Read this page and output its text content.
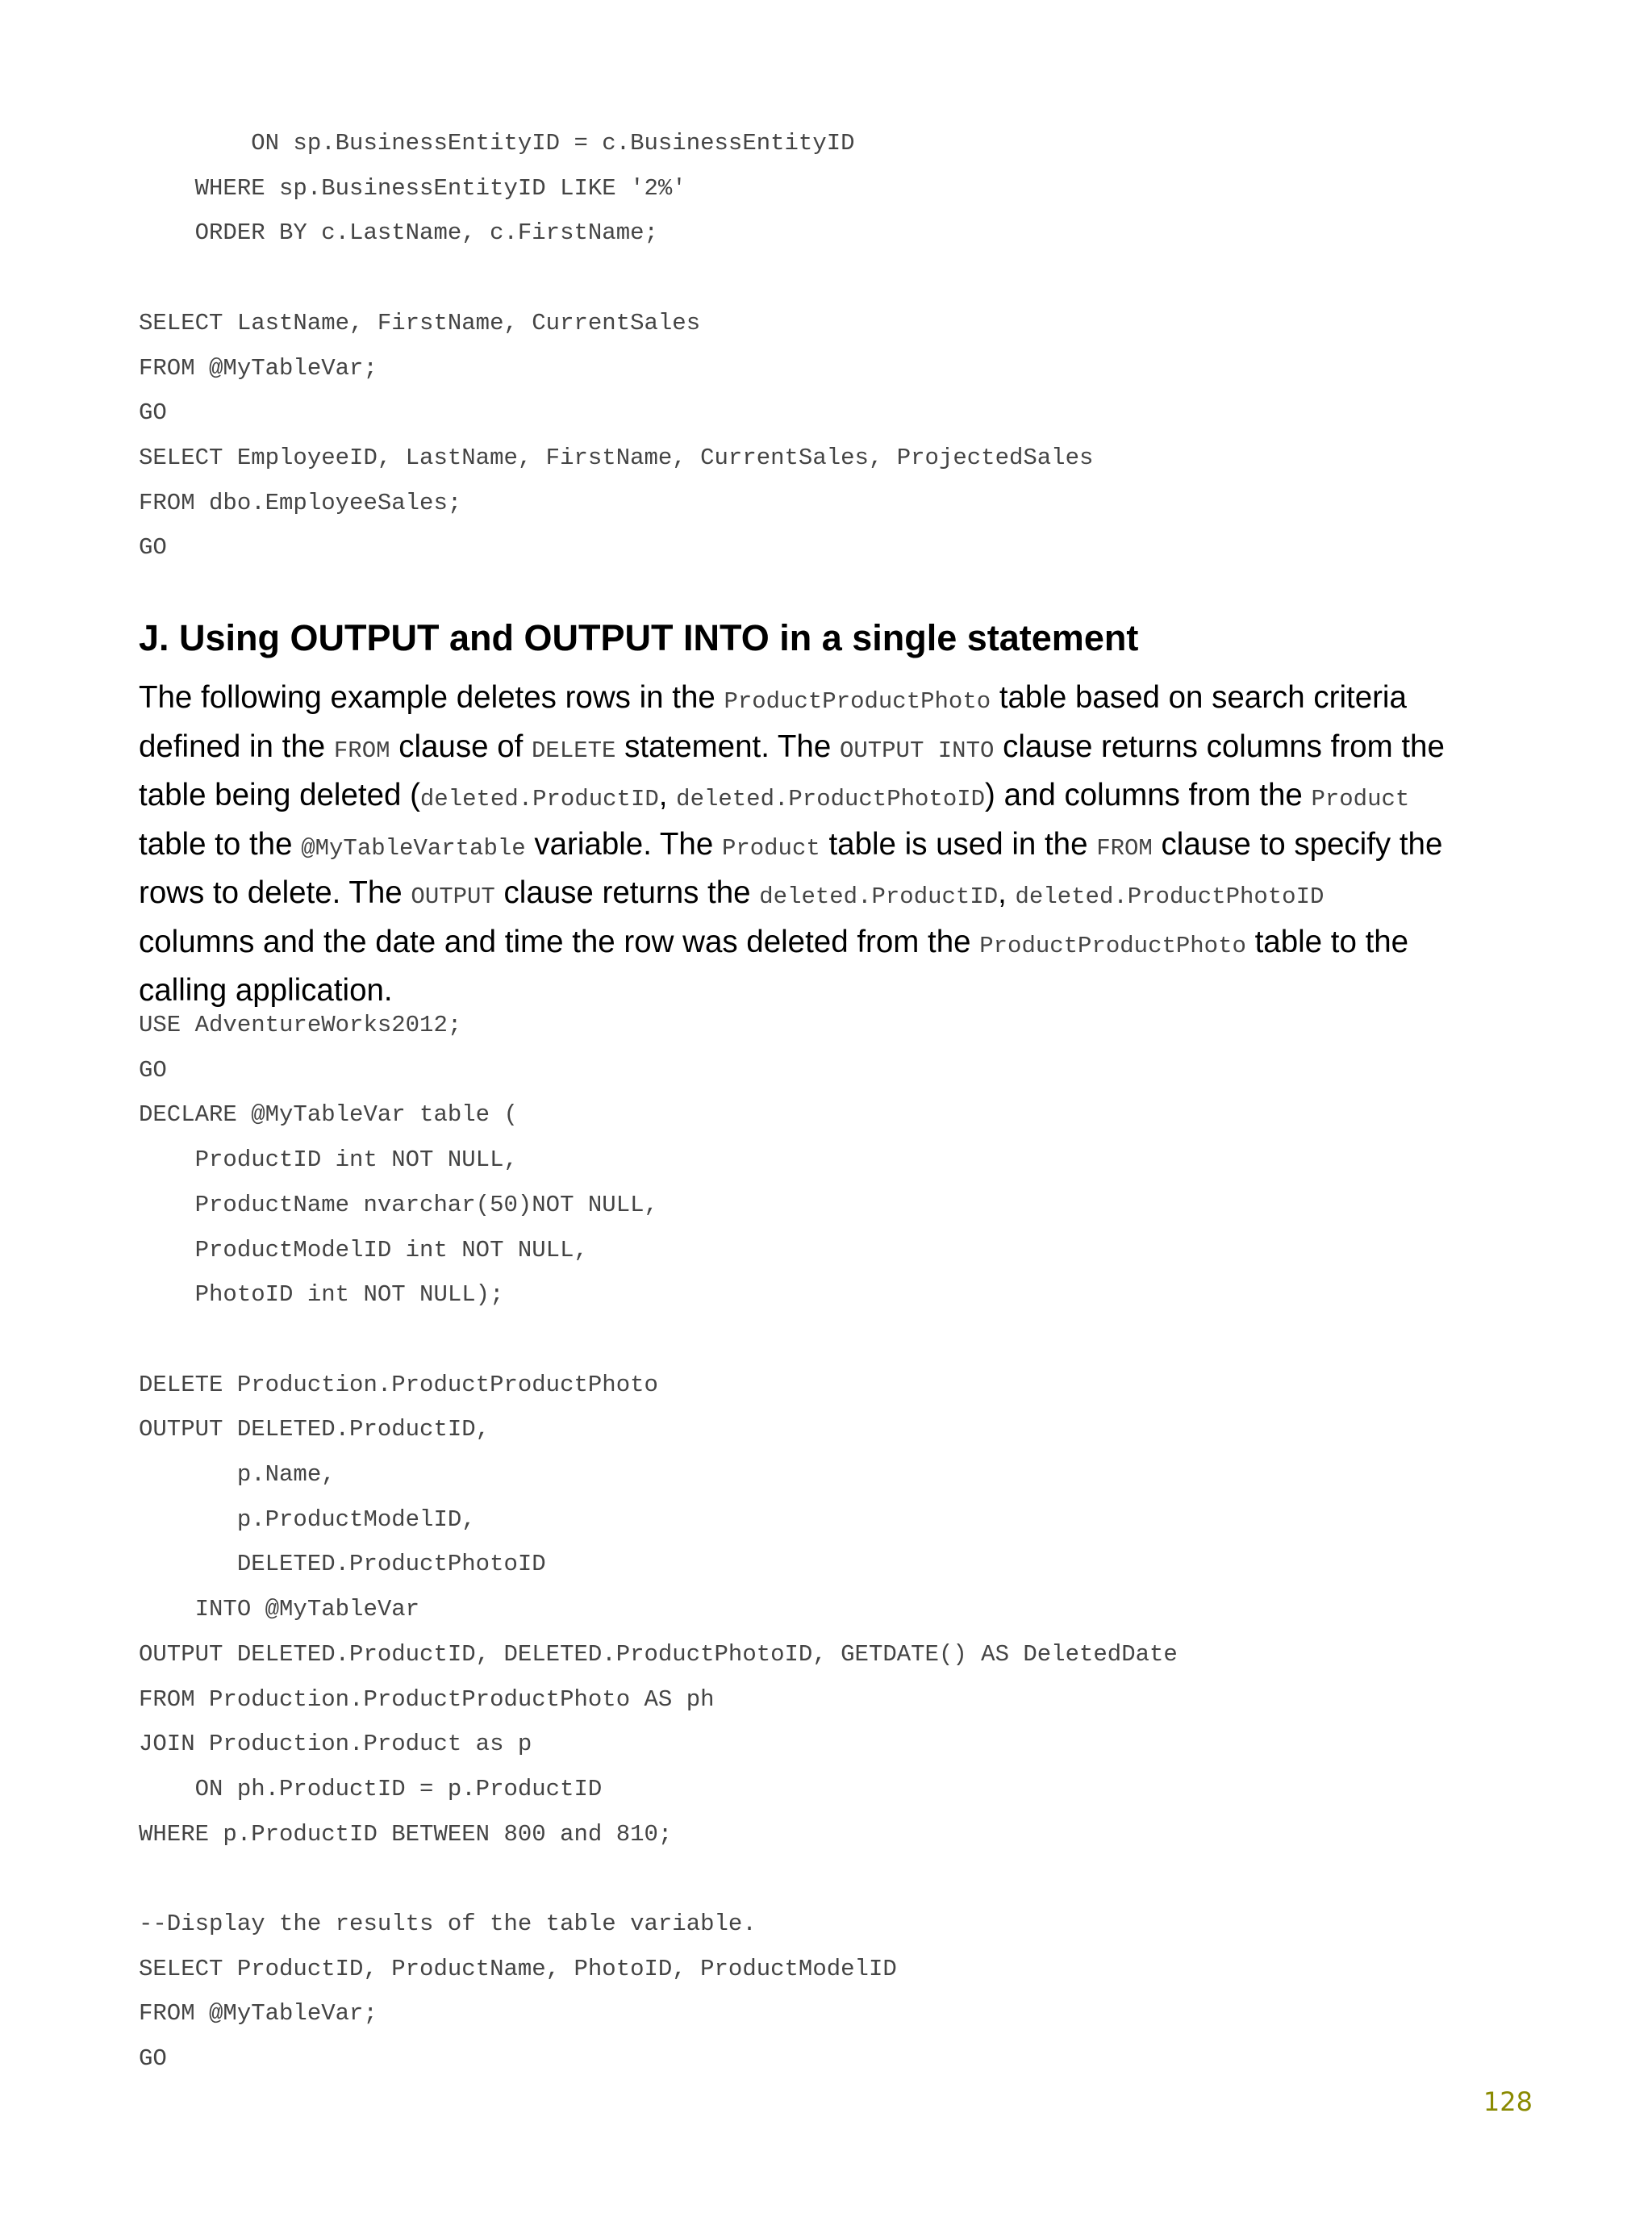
ON sp.BusinessEntityID = c.BusinessEntityID
WHERE sp.BusinessEntityID LIKE '2%'
ORDER BY c.LastName, c.FirstName;

SELECT LastName, FirstName, CurrentSales
FROM @MyTableVar;
GO
SELECT EmployeeID, LastName, FirstName, CurrentSales, ProjectedSales
FROM dbo.EmployeeSales;
GO
J. Using OUTPUT and OUTPUT INTO in a single statement
The following example deletes rows in the ProductProductPhoto table based on search criteria
defined in the FROM clause of DELETE statement. The OUTPUT INTO clause returns columns from the
table being deleted (deleted.ProductID, deleted.ProductPhotoID) and columns from the Product
table to the @MyTableVartable variable. The Product table is used in the FROM clause to specify the
rows to delete. The OUTPUT clause returns the deleted.ProductID, deleted.ProductPhotoID
columns and the date and time the row was deleted from the ProductProductPhoto table to the
calling application.
USE AdventureWorks2012;
GO
DECLARE @MyTableVar table (
ProductID int NOT NULL,
ProductName nvarchar(50)NOT NULL,
ProductModelID int NOT NULL,
PhotoID int NOT NULL);

DELETE Production.ProductProductPhoto
OUTPUT DELETED.ProductID,
p.Name,
p.ProductModelID,
DELETED.ProductPhotoID
INTO @MyTableVar
OUTPUT DELETED.ProductID, DELETED.ProductPhotoID, GETDATE() AS DeletedDate
FROM Production.ProductProductPhoto AS ph
JOIN Production.Product as p
ON ph.ProductID = p.ProductID
WHERE p.ProductID BETWEEN 800 and 810;

--Display the results of the table variable.
SELECT ProductID, ProductName, PhotoID, ProductModelID
FROM @MyTableVar;
GO
128
